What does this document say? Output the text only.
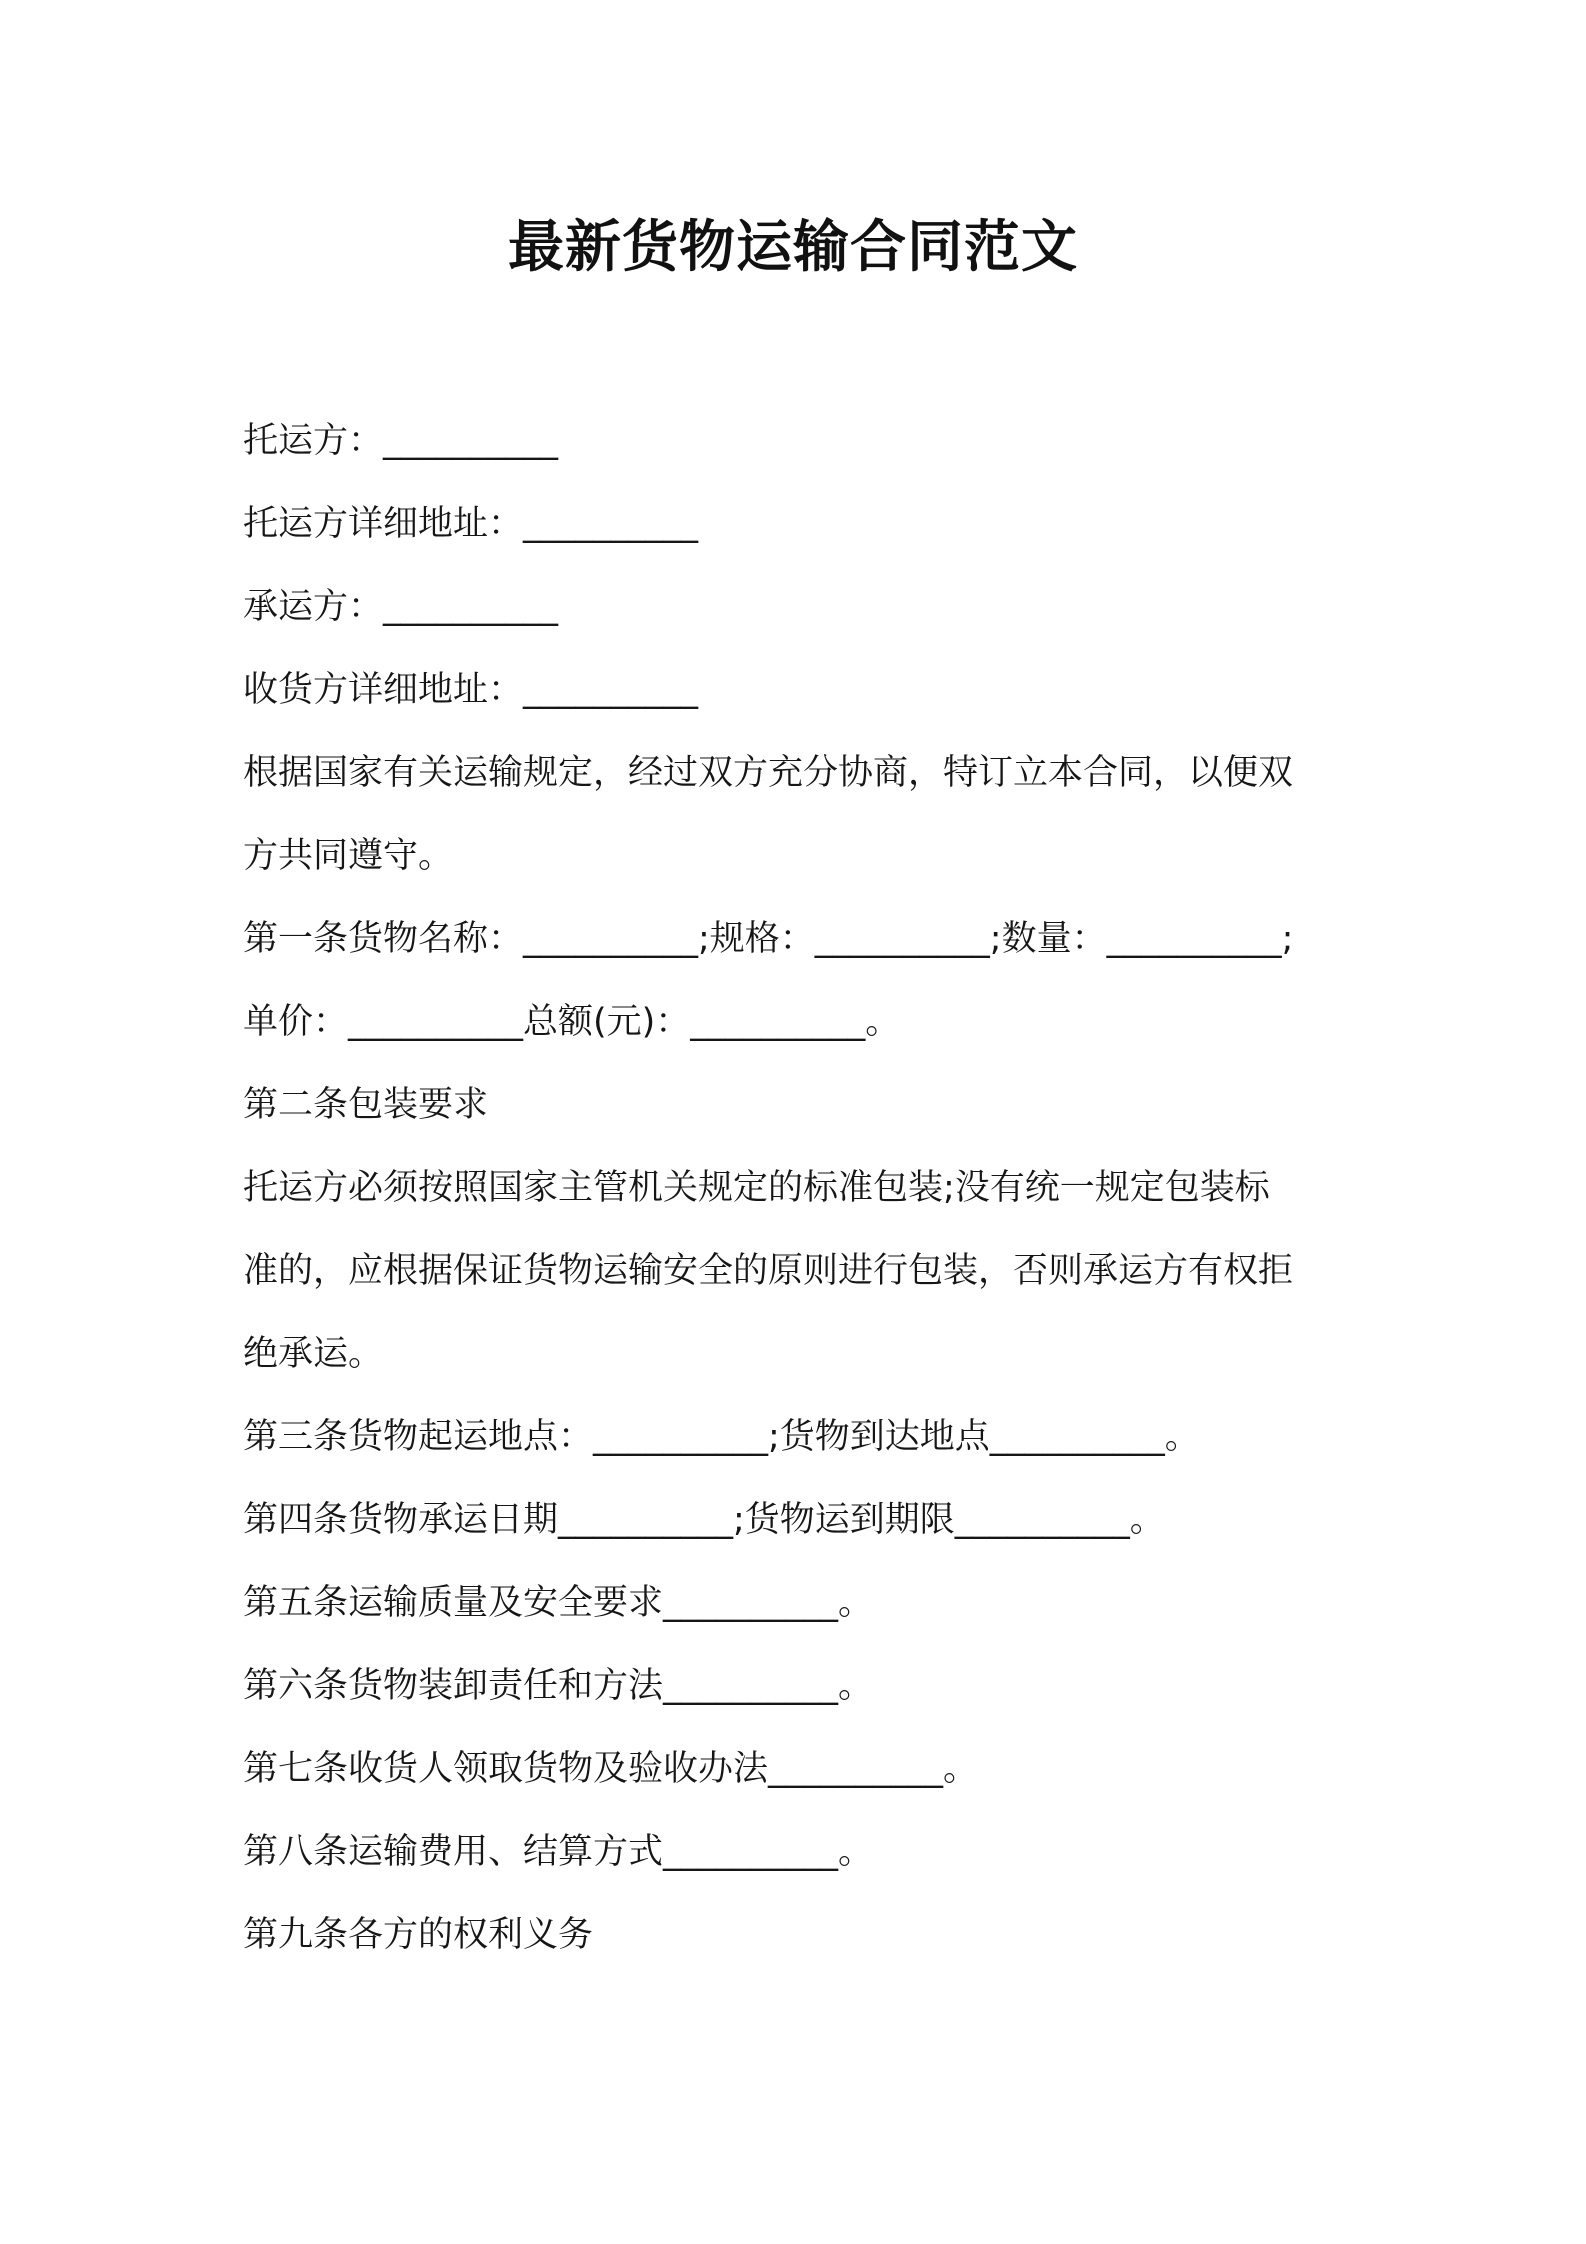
最新货物运输合同范文
托运方：__________
托运方详细地址：__________
承运方：__________
收货方详细地址：__________
根据国家有关运输规定，经过双方充分协商，特订立本合同，以便双
方共同遵守。
第一条货物名称：__________;规格：__________;数量：__________;
单价：__________总额(元)：__________。
第二条包装要求
托运方必须按照国家主管机关规定的标准包装;没有统一规定包装标
准的，应根据保证货物运输安全的原则进行包装，否则承运方有权拒
绝承运。
第三条货物起运地点：__________;货物到达地点__________。
第四条货物承运日期__________;货物运到期限__________。
第五条运输质量及安全要求__________。
第六条货物装卸责任和方法__________。
第七条收货人领取货物及验收办法__________。
第八条运输费用、结算方式__________。
第九条各方的权利义务
